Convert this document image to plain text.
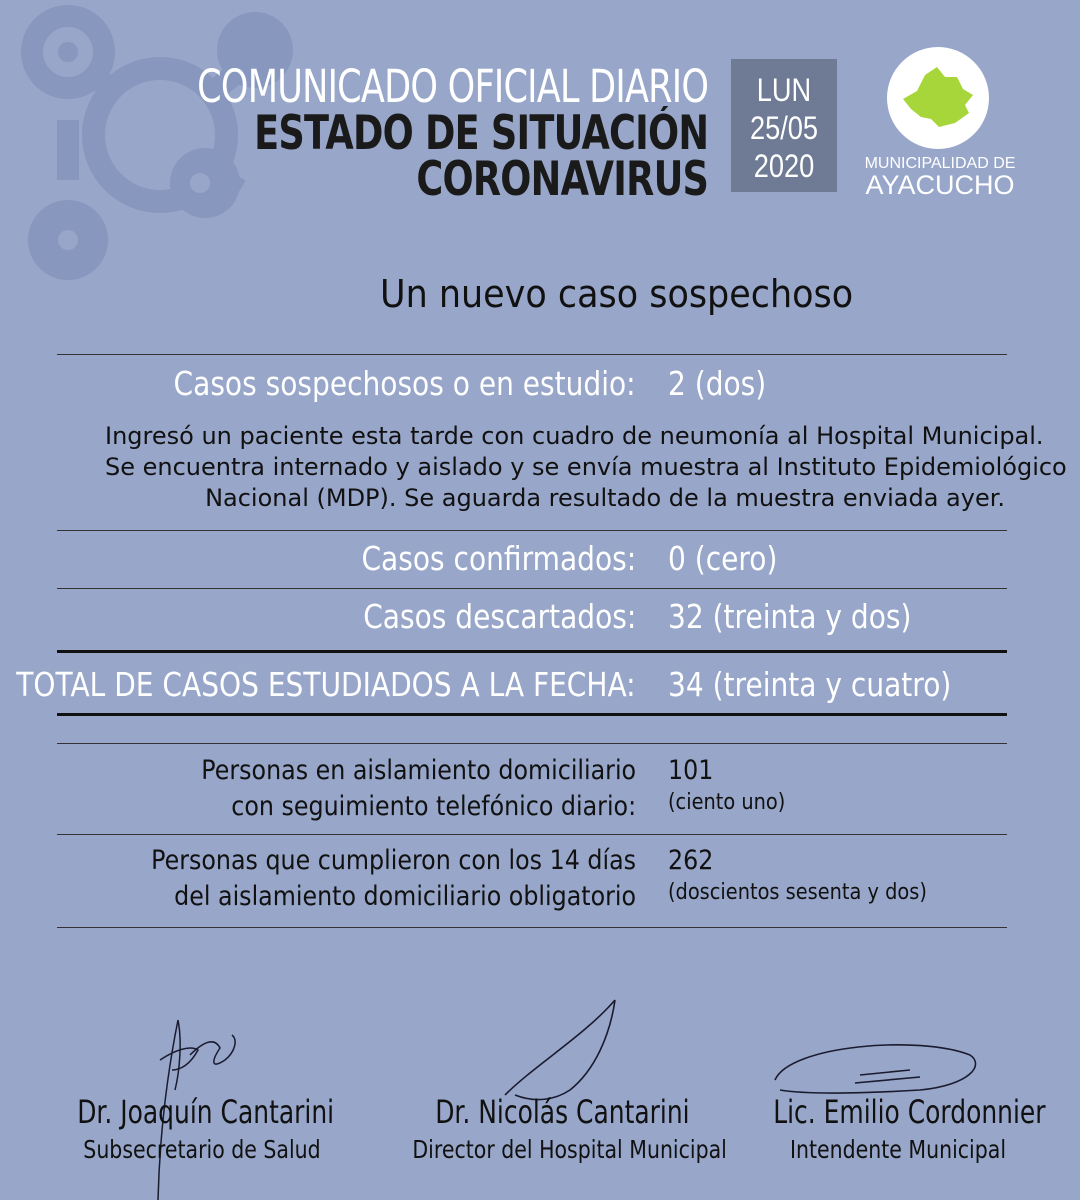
COMUNICADO OFICIAL DIARIO
ESTADO DE SITUACIÓN
CORONAVIRUS
LUN
25/05
2020	MUNICIPALIDAD DE
AYACUCHO
Un nuevo caso sospechoso
Casos sospechosos o en estudio: 2 (dos)
Ingresó un paciente esta tarde con cuadro de neumonía al Hospital Municipal.
Se encuentra internado y aislado y se envía muestra al Instituto Epidemiológico
Nacional (MDP). Se aguarda resultado de la muestra enviada ayer.
Casos confirmados: 0 (cero)
Casos descartados: 32 (treinta y dos)
TOTAL DE CASOS ESTUDIADOS A LA FECHA: 34 (treinta y cuatro)
Personas en aislamiento domiciliario
con seguimiento telefónico diario:
101
(ciento uno)
Personas que cumplieron con los 14 días
del aislamiento domiciliario obligatorio
262
(doscientos sesenta y dos)
Dr. Joaquín Cantarini
Subsecretario de Salud
Dr. Nicolás Cantarini
Director del Hospital Municipal
Lic. Emilio Cordonnier
Intendente Municipal
